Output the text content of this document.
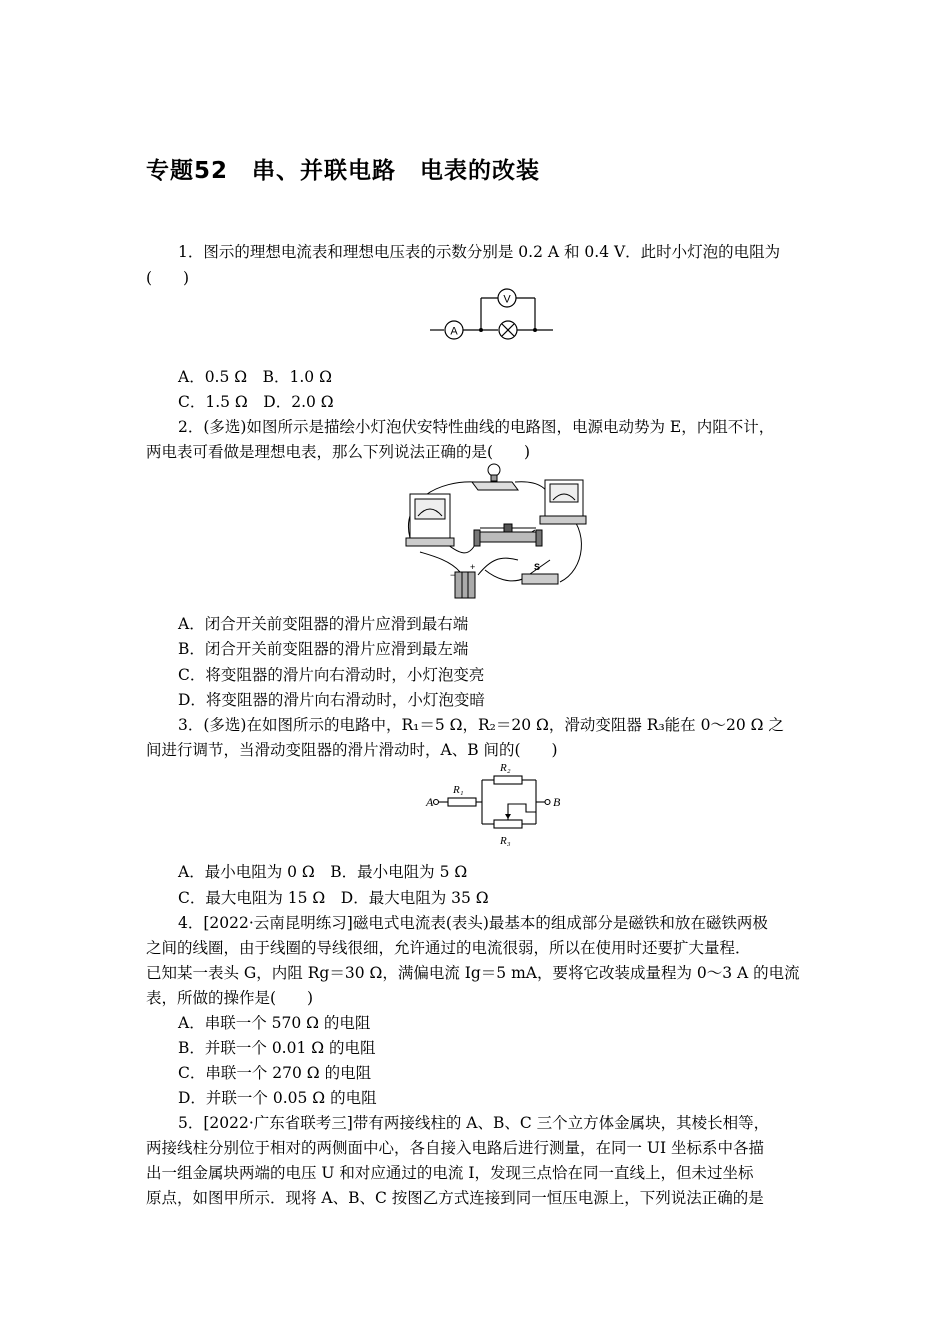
专题52　串、并联电路　电表的改装
1．图示的理想电流表和理想电压表的示数分别是 0.2 A 和 0.4 V．此时小灯泡的电阻为
(　　)
A
V
A．0.5 Ω　B．1.0 Ω
C．1.5 Ω　D．2.0 Ω
2．(多选)如图所示是描绘小灯泡伏安特性曲线的电路图，电源电动势为 E，内阻不计，
两电表可看做是理想电表，那么下列说法正确的是(　　)
+
−
S
A．闭合开关前变阻器的滑片应滑到最右端
B．闭合开关前变阻器的滑片应滑到最左端
C．将变阻器的滑片向右滑动时，小灯泡变亮
D．将变阻器的滑片向右滑动时，小灯泡变暗
3．(多选)在如图所示的电路中，R₁＝5 Ω，R₂＝20 Ω，滑动变阻器 R₃能在 0～20 Ω 之
间进行调节，当滑动变阻器的滑片滑动时，A、B 间的(　　)
A	B
R₁
R₂
R₃
A．最小电阻为 0 Ω　B．最小电阻为 5 Ω
C．最大电阻为 15 Ω　D．最大电阻为 35 Ω
4．[2022·云南昆明练习]磁电式电流表(表头)最基本的组成部分是磁铁和放在磁铁两极
之间的线圈，由于线圈的导线很细，允许通过的电流很弱，所以在使用时还要扩大量程．
已知某一表头 G，内阻 Rg＝30 Ω，满偏电流 Ig＝5 mA，要将它改装成量程为 0～3 A 的电流
表，所做的操作是(　　)
A．串联一个 570 Ω 的电阻
B．并联一个 0.01 Ω 的电阻
C．串联一个 270 Ω 的电阻
D．并联一个 0.05 Ω 的电阻
5．[2022·广东省联考三]带有两接线柱的 A、B、C 三个立方体金属块，其棱长相等，
两接线柱分别位于相对的两侧面中心，各自接入电路后进行测量，在同一 UI 坐标系中各描
出一组金属块两端的电压 U 和对应通过的电流 I，发现三点恰在同一直线上，但未过坐标
原点，如图甲所示．现将 A、B、C 按图乙方式连接到同一恒压电源上，下列说法正确的是
